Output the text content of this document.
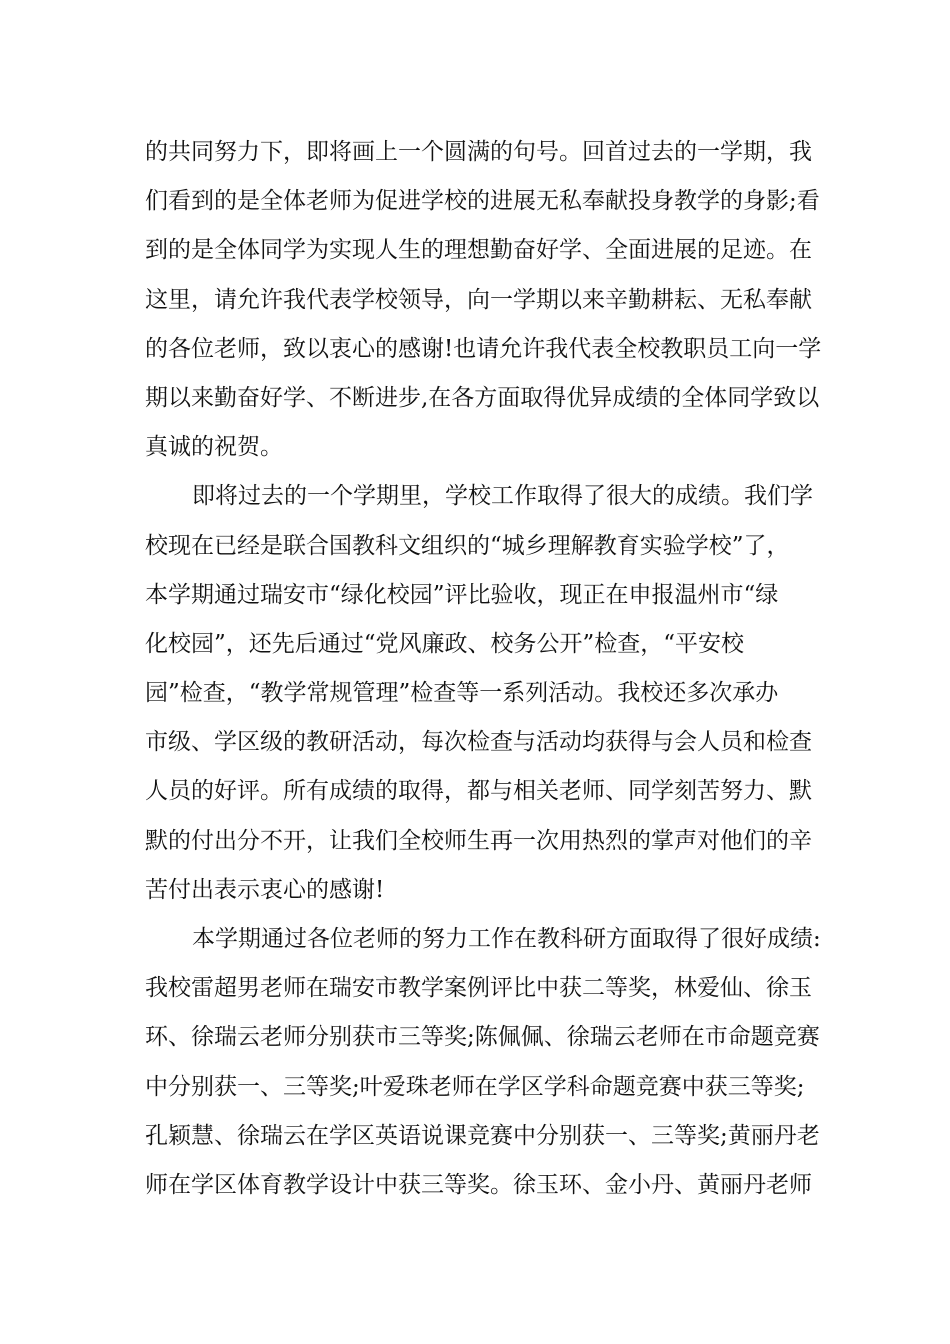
的共同努力下，即将画上一个圆满的句号。回首过去的一学期，我
们看到的是全体老师为促进学校的进展无私奉献投身教学的身影;看
到的是全体同学为实现人生的理想勤奋好学、全面进展的足迹。在
这里，请允许我代表学校领导，向一学期以来辛勤耕耘、无私奉献
的各位老师，致以衷心的感谢!也请允许我代表全校教职员工向一学
期以来勤奋好学、不断进步,在各方面取得优异成绩的全体同学致以
真诚的祝贺。
即将过去的一个学期里，学校工作取得了很大的成绩。我们学
校现在已经是联合国教科文组织的“城乡理解教育实验学校”了，
本学期通过瑞安市“绿化校园”评比验收，现正在申报温州市“绿
化校园”，还先后通过“党风廉政、校务公开”检查，“平安校
园”检查，“教学常规管理”检查等一系列活动。我校还多次承办
市级、学区级的教研活动，每次检查与活动均获得与会人员和检查
人员的好评。所有成绩的取得，都与相关老师、同学刻苦努力、默
默的付出分不开，让我们全校师生再一次用热烈的掌声对他们的辛
苦付出表示衷心的感谢!
本学期通过各位老师的努力工作在教科研方面取得了很好成绩:
我校雷超男老师在瑞安市教学案例评比中获二等奖，林爱仙、徐玉
环、徐瑞云老师分别获市三等奖;陈佩佩、徐瑞云老师在市命题竞赛
中分别获一、三等奖;叶爱珠老师在学区学科命题竞赛中获三等奖;
孔颖慧、徐瑞云在学区英语说课竞赛中分别获一、三等奖;黄丽丹老
师在学区体育教学设计中获三等奖。徐玉环、金小丹、黄丽丹老师
